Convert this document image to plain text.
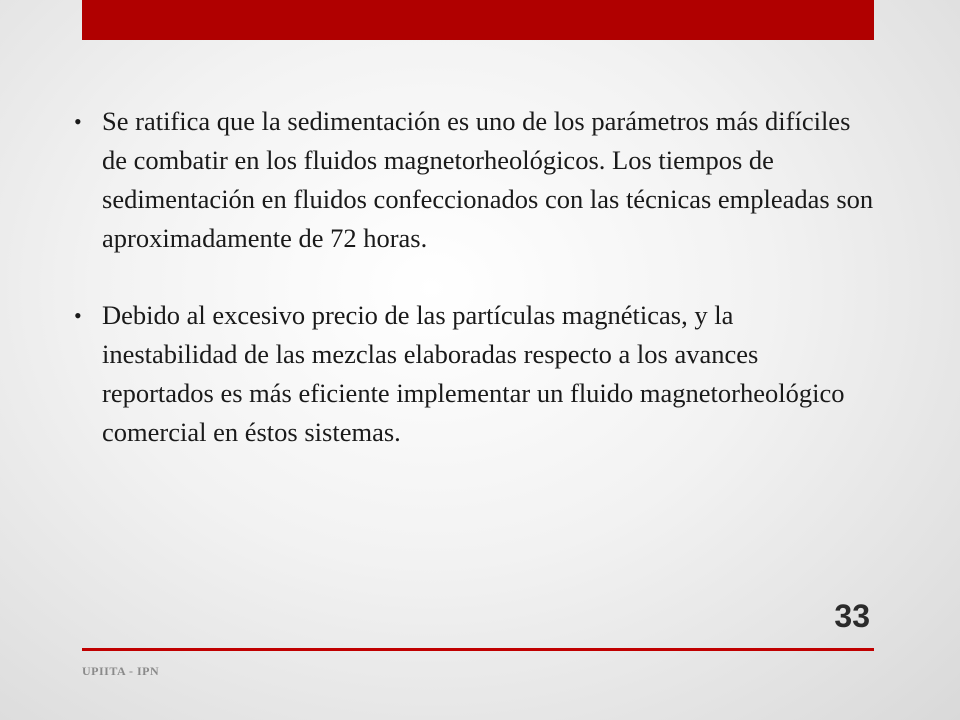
• Se ratifica que la sedimentación es uno de los parámetros más difíciles de combatir en los fluidos magnetorheológicos. Los tiempos de sedimentación en fluidos confeccionados con las técnicas empleadas son aproximadamente de 72 horas.
• Debido al excesivo precio de las partículas magnéticas, y la inestabilidad de las mezclas elaboradas respecto a los avances reportados es más eficiente implementar un fluido magnetorheológico comercial en éstos sistemas.
33
UPIITA - IPN
